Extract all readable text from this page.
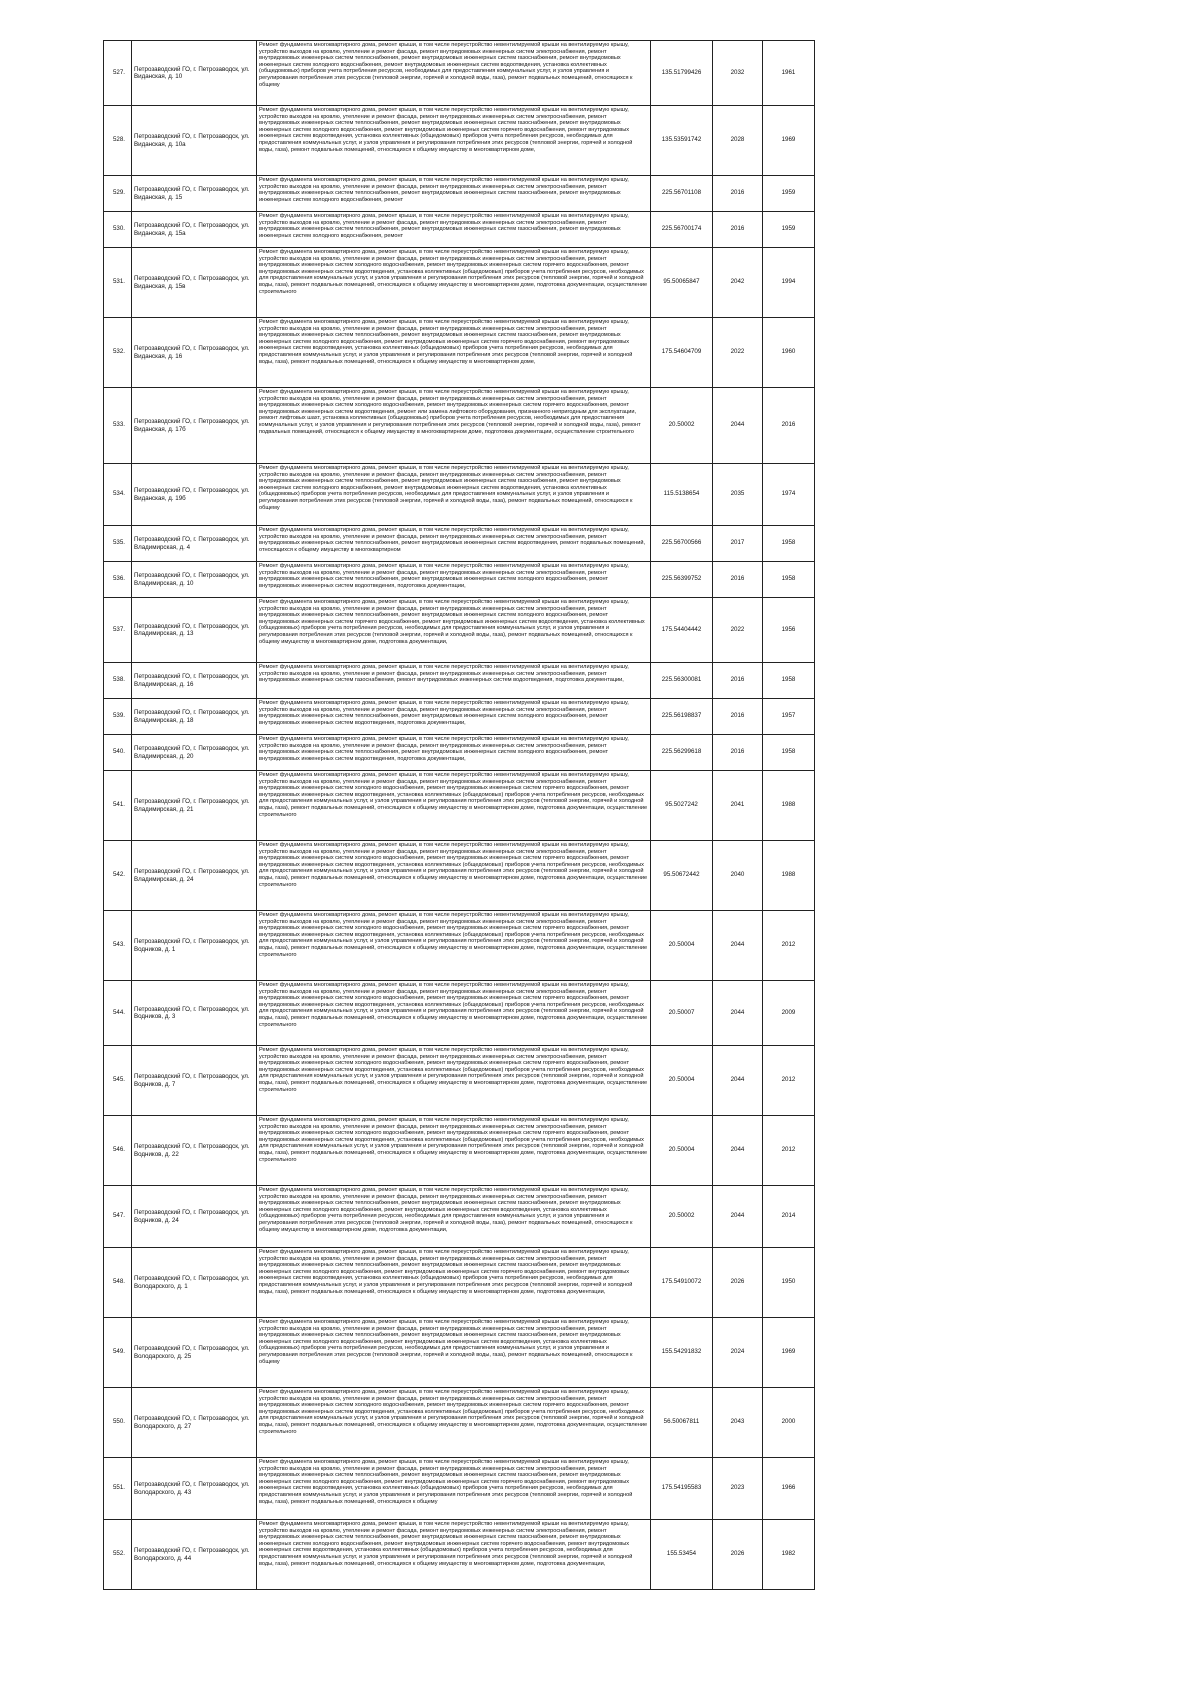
527.	Петрозаводский ГО, г. Петрозаводск, ул. Виданская, д. 10	Ремонт фундамента многоквартирного дома, ремонт крыши, в том числе переустройство невентилируемой крыши на вентилируемую крышу, устройство выходов на кровлю, утепление и ремонт фасада, ремонт внутридомовых инженерных систем электроснабжения, ремонт внутридомовых инженерных систем теплоснабжения, ремонт внутридомовых инженерных систем газоснабжения, ремонт внутридомовых инженерных систем холодного водоснабжения, ремонт внутридомовых инженерных систем водоотведения, установка коллективных (общедомовых) приборов учета потребления ресурсов, необходимых для предоставления коммунальных услуг, и узлов управления и регулирования потребления этих ресурсов (тепловой энергии, горячей и холодной воды, газа), ремонт подвальных помещений, относящихся к общему	135.51799426	2032	1961
528.	Петрозаводский ГО, г. Петрозаводск, ул. Виданская, д. 10а	Ремонт фундамента многоквартирного дома, ремонт крыши, в том числе переустройство невентилируемой крыши на вентилируемую крышу, устройство выходов на кровлю, утепление и ремонт фасада, ремонт внутридомовых инженерных систем электроснабжения, ремонт внутридомовых инженерных систем теплоснабжения, ремонт внутридомовых инженерных систем газоснабжения, ремонт внутридомовых инженерных систем холодного водоснабжения, ремонт внутридомовых инженерных систем горячего водоснабжения, ремонт внутридомовых инженерных систем водоотведения, установка коллективных (общедомовых) приборов учета потребления ресурсов, необходимых для предоставления коммунальных услуг, и узлов управления и регулирования потребления этих ресурсов (тепловой энергии, горячей и холодной воды, газа), ремонт подвальных помещений, относящихся к общему имуществу в многоквартирном доме,	135.53591742	2028	1969
529.	Петрозаводский ГО, г. Петрозаводск, ул. Виданская, д. 15	Ремонт фундамента многоквартирного дома, ремонт крыши, в том числе переустройство невентилируемой крыши на вентилируемую крышу, устройство выходов на кровлю, утепление и ремонт фасада, ремонт внутридомовых инженерных систем электроснабжения, ремонт внутридомовых инженерных систем теплоснабжения, ремонт внутридомовых инженерных систем газоснабжения, ремонт внутридомовых инженерных систем холодного водоснабжения, ремонт	225.56701108	2016	1959
530.	Петрозаводский ГО, г. Петрозаводск, ул. Виданская, д. 15а	Ремонт фундамента многоквартирного дома, ремонт крыши, в том числе переустройство невентилируемой крыши на вентилируемую крышу, устройство выходов на кровлю, утепление и ремонт фасада, ремонт внутридомовых инженерных систем электроснабжения, ремонт внутридомовых инженерных систем теплоснабжения, ремонт внутридомовых инженерных систем газоснабжения, ремонт внутридомовых инженерных систем холодного водоснабжения, ремонт	225.56700174	2016	1959
531.	Петрозаводский ГО, г. Петрозаводск, ул. Виданская, д. 15в	Ремонт фундамента многоквартирного дома, ремонт крыши, в том числе переустройство невентилируемой крыши на вентилируемую крышу, устройство выходов на кровлю, утепление и ремонт фасада, ремонт внутридомовых инженерных систем электроснабжения, ремонт внутридомовых инженерных систем холодного водоснабжения, ремонт внутридомовых инженерных систем горячего водоснабжения, ремонт внутридомовых инженерных систем водоотведения, установка коллективных (общедомовых) приборов учета потребления ресурсов, необходимых для предоставления коммунальных услуг, и узлов управления и регулирования потребления этих ресурсов (тепловой энергии, горячей и холодной воды, газа), ремонт подвальных помещений, относящихся к общему имуществу в многоквартирном доме, подготовка документации, осуществление строительного	95.50065847	2042	1994
532.	Петрозаводский ГО, г. Петрозаводск, ул. Виданская, д. 16	Ремонт фундамента многоквартирного дома, ремонт крыши, в том числе переустройство невентилируемой крыши на вентилируемую крышу, устройство выходов на кровлю, утепление и ремонт фасада, ремонт внутридомовых инженерных систем электроснабжения, ремонт внутридомовых инженерных систем теплоснабжения, ремонт внутридомовых инженерных систем газоснабжения, ремонт внутридомовых инженерных систем холодного водоснабжения, ремонт внутридомовых инженерных систем горячего водоснабжения, ремонт внутридомовых инженерных систем водоотведения, установка коллективных (общедомовых) приборов учета потребления ресурсов, необходимых для предоставления коммунальных услуг, и узлов управления и регулирования потребления этих ресурсов (тепловой энергии, горячей и холодной воды, газа), ремонт подвальных помещений, относящихся к общему имуществу в многоквартирном доме,	175.54604709	2022	1960
533.	Петрозаводский ГО, г. Петрозаводск, ул. Виданская, д. 17б	Ремонт фундамента многоквартирного дома, ремонт крыши, в том числе переустройство невентилируемой крыши на вентилируемую крышу, устройство выходов на кровлю, утепление и ремонт фасада, ремонт внутридомовых инженерных систем электроснабжения, ремонт внутридомовых инженерных систем холодного водоснабжения, ремонт внутридомовых инженерных систем горячего водоснабжения, ремонт внутридомовых инженерных систем водоотведения, ремонт или замена лифтового оборудования, признанного непригодным для эксплуатации, ремонт лифтовых шахт, установка коллективных (общедомовых) приборов учета потребления ресурсов, необходимых для предоставления коммунальных услуг, и узлов управления и регулирования потребления этих ресурсов (тепловой энергии, горячей и холодной воды, газа), ремонт подвальных помещений, относящихся к общему имуществу в многоквартирном доме, подготовка документации, осуществление строительного	20.50002	2044	2016
534.	Петрозаводский ГО, г. Петрозаводск, ул. Виданская, д. 19б	Ремонт фундамента многоквартирного дома, ремонт крыши, в том числе переустройство невентилируемой крыши на вентилируемую крышу, устройство выходов на кровлю, утепление и ремонт фасада, ремонт внутридомовых инженерных систем электроснабжения, ремонт внутридомовых инженерных систем теплоснабжения, ремонт внутридомовых инженерных систем газоснабжения, ремонт внутридомовых инженерных систем холодного водоснабжения, ремонт внутридомовых инженерных систем водоотведения, установка коллективных (общедомовых) приборов учета потребления ресурсов, необходимых для предоставления коммунальных услуг, и узлов управления и регулирования потребления этих ресурсов (тепловой энергии, горячей и холодной воды, газа), ремонт подвальных помещений, относящихся к общему	115.5138654	2035	1974
535.	Петрозаводский ГО, г. Петрозаводск, ул. Владимирская, д. 4	Ремонт фундамента многоквартирного дома, ремонт крыши, в том числе переустройство невентилируемой крыши на вентилируемую крышу, устройство выходов на кровлю, утепление и ремонт фасада, ремонт внутридомовых инженерных систем электроснабжения, ремонт внутридомовых инженерных систем теплоснабжения, ремонт внутридомовых инженерных систем водоотведения, ремонт подвальных помещений, относящихся к общему имуществу в многоквартирном	225.56700566	2017	1958
536.	Петрозаводский ГО, г. Петрозаводск, ул. Владимирская, д. 10	Ремонт фундамента многоквартирного дома, ремонт крыши, в том числе переустройство невентилируемой крыши на вентилируемую крышу, устройство выходов на кровлю, утепление и ремонт фасада, ремонт внутридомовых инженерных систем электроснабжения, ремонт внутридомовых инженерных систем теплоснабжения, ремонт внутридомовых инженерных систем холодного водоснабжения, ремонт внутридомовых инженерных систем водоотведения, подготовка документации,	225.56399752	2016	1958
537.	Петрозаводский ГО, г. Петрозаводск, ул. Владимирская, д. 13	Ремонт фундамента многоквартирного дома, ремонт крыши, в том числе переустройство невентилируемой крыши на вентилируемую крышу, устройство выходов на кровлю, утепление и ремонт фасада, ремонт внутридомовых инженерных систем электроснабжения, ремонт внутридомовых инженерных систем теплоснабжения, ремонт внутридомовых инженерных систем холодного водоснабжения, ремонт внутридомовых инженерных систем горячего водоснабжения, ремонт внутридомовых инженерных систем водоотведения, установка коллективных (общедомовых) приборов учета потребления ресурсов, необходимых для предоставления коммунальных услуг, и узлов управления и регулирования потребления этих ресурсов (тепловой энергии, горячей и холодной воды, газа), ремонт подвальных помещений, относящихся к общему имуществу в многоквартирном доме, подготовка документации,	175.54404442	2022	1956
538.	Петрозаводский ГО, г. Петрозаводск, ул. Владимирская, д. 16	Ремонт фундамента многоквартирного дома, ремонт крыши, в том числе переустройство невентилируемой крыши на вентилируемую крышу, устройство выходов на кровлю, утепление и ремонт фасада, ремонт внутридомовых инженерных систем электроснабжения, ремонт внутридомовых инженерных систем газоснабжения, ремонт внутридомовых инженерных систем водоотведения, подготовка документации,	225.56300081	2016	1958
539.	Петрозаводский ГО, г. Петрозаводск, ул. Владимирская, д. 18	Ремонт фундамента многоквартирного дома, ремонт крыши, в том числе переустройство невентилируемой крыши на вентилируемую крышу, устройство выходов на кровлю, утепление и ремонт фасада, ремонт внутридомовых инженерных систем электроснабжения, ремонт внутридомовых инженерных систем теплоснабжения, ремонт внутридомовых инженерных систем холодного водоснабжения, ремонт внутридомовых инженерных систем водоотведения, подготовка документации,	225.56198837	2016	1957
540.	Петрозаводский ГО, г. Петрозаводск, ул. Владимирская, д. 20	Ремонт фундамента многоквартирного дома, ремонт крыши, в том числе переустройство невентилируемой крыши на вентилируемую крышу, устройство выходов на кровлю, утепление и ремонт фасада, ремонт внутридомовых инженерных систем электроснабжения, ремонт внутридомовых инженерных систем теплоснабжения, ремонт внутридомовых инженерных систем холодного водоснабжения, ремонт внутридомовых инженерных систем водоотведения, подготовка документации,	225.56299618	2016	1958
541.	Петрозаводский ГО, г. Петрозаводск, ул. Владимирская, д. 21	Ремонт фундамента многоквартирного дома, ремонт крыши, в том числе переустройство невентилируемой крыши на вентилируемую крышу, устройство выходов на кровлю, утепление и ремонт фасада, ремонт внутридомовых инженерных систем электроснабжения, ремонт внутридомовых инженерных систем холодного водоснабжения, ремонт внутридомовых инженерных систем горячего водоснабжения, ремонт внутридомовых инженерных систем водоотведения, установка коллективных (общедомовых) приборов учета потребления ресурсов, необходимых для предоставления коммунальных услуг, и узлов управления и регулирования потребления этих ресурсов (тепловой энергии, горячей и холодной воды, газа), ремонт подвальных помещений, относящихся к общему имуществу в многоквартирном доме, подготовка документации, осуществление строительного	95.5027242	2041	1988
542.	Петрозаводский ГО, г. Петрозаводск, ул. Владимирская, д. 24	Ремонт фундамента многоквартирного дома, ремонт крыши, в том числе переустройство невентилируемой крыши на вентилируемую крышу, устройство выходов на кровлю, утепление и ремонт фасада, ремонт внутридомовых инженерных систем электроснабжения, ремонт внутридомовых инженерных систем холодного водоснабжения, ремонт внутридомовых инженерных систем горячего водоснабжения, ремонт внутридомовых инженерных систем водоотведения, установка коллективных (общедомовых) приборов учета потребления ресурсов, необходимых для предоставления коммунальных услуг, и узлов управления и регулирования потребления этих ресурсов (тепловой энергии, горячей и холодной воды, газа), ремонт подвальных помещений, относящихся к общему имуществу в многоквартирном доме, подготовка документации, осуществление строительного	95.50672442	2040	1988
543.	Петрозаводский ГО, г. Петрозаводск, ул. Водников, д. 1	Ремонт фундамента многоквартирного дома, ремонт крыши, в том числе переустройство невентилируемой крыши на вентилируемую крышу, устройство выходов на кровлю, утепление и ремонт фасада, ремонт внутридомовых инженерных систем электроснабжения, ремонт внутридомовых инженерных систем холодного водоснабжения, ремонт внутридомовых инженерных систем горячего водоснабжения, ремонт внутридомовых инженерных систем водоотведения, установка коллективных (общедомовых) приборов учета потребления ресурсов, необходимых для предоставления коммунальных услуг, и узлов управления и регулирования потребления этих ресурсов (тепловой энергии, горячей и холодной воды, газа), ремонт подвальных помещений, относящихся к общему имуществу в многоквартирном доме, подготовка документации, осуществление строительного	20.50004	2044	2012
544.	Петрозаводский ГО, г. Петрозаводск, ул. Водников, д. 3	Ремонт фундамента многоквартирного дома, ремонт крыши, в том числе переустройство невентилируемой крыши на вентилируемую крышу, устройство выходов на кровлю, утепление и ремонт фасада, ремонт внутридомовых инженерных систем электроснабжения, ремонт внутридомовых инженерных систем холодного водоснабжения, ремонт внутридомовых инженерных систем горячего водоснабжения, ремонт внутридомовых инженерных систем водоотведения, установка коллективных (общедомовых) приборов учета потребления ресурсов, необходимых для предоставления коммунальных услуг, и узлов управления и регулирования потребления этих ресурсов (тепловой энергии, горячей и холодной воды, газа), ремонт подвальных помещений, относящихся к общему имуществу в многоквартирном доме, подготовка документации, осуществление строительного	20.50007	2044	2009
545.	Петрозаводский ГО, г. Петрозаводск, ул. Водников, д. 7	Ремонт фундамента многоквартирного дома, ремонт крыши, в том числе переустройство невентилируемой крыши на вентилируемую крышу, устройство выходов на кровлю, утепление и ремонт фасада, ремонт внутридомовых инженерных систем электроснабжения, ремонт внутридомовых инженерных систем холодного водоснабжения, ремонт внутридомовых инженерных систем горячего водоснабжения, ремонт внутридомовых инженерных систем водоотведения, установка коллективных (общедомовых) приборов учета потребления ресурсов, необходимых для предоставления коммунальных услуг, и узлов управления и регулирования потребления этих ресурсов (тепловой энергии, горячей и холодной воды, газа), ремонт подвальных помещений, относящихся к общему имуществу в многоквартирном доме, подготовка документации, осуществление строительного	20.50004	2044	2012
546.	Петрозаводский ГО, г. Петрозаводск, ул. Водников, д. 22	Ремонт фундамента многоквартирного дома, ремонт крыши, в том числе переустройство невентилируемой крыши на вентилируемую крышу, устройство выходов на кровлю, утепление и ремонт фасада, ремонт внутридомовых инженерных систем электроснабжения, ремонт внутридомовых инженерных систем холодного водоснабжения, ремонт внутридомовых инженерных систем горячего водоснабжения, ремонт внутридомовых инженерных систем водоотведения, установка коллективных (общедомовых) приборов учета потребления ресурсов, необходимых для предоставления коммунальных услуг, и узлов управления и регулирования потребления этих ресурсов (тепловой энергии, горячей и холодной воды, газа), ремонт подвальных помещений, относящихся к общему имуществу в многоквартирном доме, подготовка документации, осуществление строительного	20.50004	2044	2012
547.	Петрозаводский ГО, г. Петрозаводск, ул. Водников, д. 24	Ремонт фундамента многоквартирного дома, ремонт крыши, в том числе переустройство невентилируемой крыши на вентилируемую крышу, устройство выходов на кровлю, утепление и ремонт фасада, ремонт внутридомовых инженерных систем электроснабжения, ремонт внутридомовых инженерных систем теплоснабжения, ремонт внутридомовых инженерных систем газоснабжения, ремонт внутридомовых инженерных систем холодного водоснабжения, ремонт внутридомовых инженерных систем водоотведения, установка коллективных (общедомовых) приборов учета потребления ресурсов, необходимых для предоставления коммунальных услуг, и узлов управления и регулирования потребления этих ресурсов (тепловой энергии, горячей и холодной воды, газа), ремонт подвальных помещений, относящихся к общему имуществу в многоквартирном доме, подготовка документации,	20.50002	2044	2014
548.	Петрозаводский ГО, г. Петрозаводск, ул. Володарского, д. 1	Ремонт фундамента многоквартирного дома, ремонт крыши, в том числе переустройство невентилируемой крыши на вентилируемую крышу, устройство выходов на кровлю, утепление и ремонт фасада, ремонт внутридомовых инженерных систем электроснабжения, ремонт внутридомовых инженерных систем теплоснабжения, ремонт внутридомовых инженерных систем газоснабжения, ремонт внутридомовых инженерных систем холодного водоснабжения, ремонт внутридомовых инженерных систем горячего водоснабжения, ремонт внутридомовых инженерных систем водоотведения, установка коллективных (общедомовых) приборов учета потребления ресурсов, необходимых для предоставления коммунальных услуг, и узлов управления и регулирования потребления этих ресурсов (тепловой энергии, горячей и холодной воды, газа), ремонт подвальных помещений, относящихся к общему имуществу в многоквартирном доме, подготовка документации,	175.54910072	2026	1950
549.	Петрозаводский ГО, г. Петрозаводск, ул. Володарского, д. 25	Ремонт фундамента многоквартирного дома, ремонт крыши, в том числе переустройство невентилируемой крыши на вентилируемую крышу, устройство выходов на кровлю, утепление и ремонт фасада, ремонт внутридомовых инженерных систем электроснабжения, ремонт внутридомовых инженерных систем теплоснабжения, ремонт внутридомовых инженерных систем газоснабжения, ремонт внутридомовых инженерных систем холодного водоснабжения, ремонт внутридомовых инженерных систем водоотведения, установка коллективных (общедомовых) приборов учета потребления ресурсов, необходимых для предоставления коммунальных услуг, и узлов управления и регулирования потребления этих ресурсов (тепловой энергии, горячей и холодной воды, газа), ремонт подвальных помещений, относящихся к общему	155.54291832	2024	1969
550.	Петрозаводский ГО, г. Петрозаводск, ул. Володарского, д. 27	Ремонт фундамента многоквартирного дома, ремонт крыши, в том числе переустройство невентилируемой крыши на вентилируемую крышу, устройство выходов на кровлю, утепление и ремонт фасада, ремонт внутридомовых инженерных систем электроснабжения, ремонт внутридомовых инженерных систем холодного водоснабжения, ремонт внутридомовых инженерных систем горячего водоснабжения, ремонт внутридомовых инженерных систем водоотведения, установка коллективных (общедомовых) приборов учета потребления ресурсов, необходимых для предоставления коммунальных услуг, и узлов управления и регулирования потребления этих ресурсов (тепловой энергии, горячей и холодной воды, газа), ремонт подвальных помещений, относящихся к общему имуществу в многоквартирном доме, подготовка документации, осуществление строительного	56.50067811	2043	2000
551.	Петрозаводский ГО, г. Петрозаводск, ул. Володарского, д. 43	Ремонт фундамента многоквартирного дома, ремонт крыши, в том числе переустройство невентилируемой крыши на вентилируемую крышу, устройство выходов на кровлю, утепление и ремонт фасада, ремонт внутридомовых инженерных систем электроснабжения, ремонт внутридомовых инженерных систем теплоснабжения, ремонт внутридомовых инженерных систем газоснабжения, ремонт внутридомовых инженерных систем холодного водоснабжения, ремонт внутридомовых инженерных систем горячего водоснабжения, ремонт внутридомовых инженерных систем водоотведения, установка коллективных (общедомовых) приборов учета потребления ресурсов, необходимых для предоставления коммунальных услуг, и узлов управления и регулирования потребления этих ресурсов (тепловой энергии, горячей и холодной воды, газа), ремонт подвальных помещений, относящихся к общему	175.54195583	2023	1966
552.	Петрозаводский ГО, г. Петрозаводск, ул. Володарского, д. 44	Ремонт фундамента многоквартирного дома, ремонт крыши, в том числе переустройство невентилируемой крыши на вентилируемую крышу, устройство выходов на кровлю, утепление и ремонт фасада, ремонт внутридомовых инженерных систем электроснабжения, ремонт внутридомовых инженерных систем теплоснабжения, ремонт внутридомовых инженерных систем газоснабжения, ремонт внутридомовых инженерных систем холодного водоснабжения, ремонт внутридомовых инженерных систем горячего водоснабжения, ремонт внутридомовых инженерных систем водоотведения, установка коллективных (общедомовых) приборов учета потребления ресурсов, необходимых для предоставления коммунальных услуг, и узлов управления и регулирования потребления этих ресурсов (тепловой энергии, горячей и холодной воды, газа), ремонт подвальных помещений, относящихся к общему имуществу в многоквартирном доме, подготовка документации,	155.53454	2026	1982
